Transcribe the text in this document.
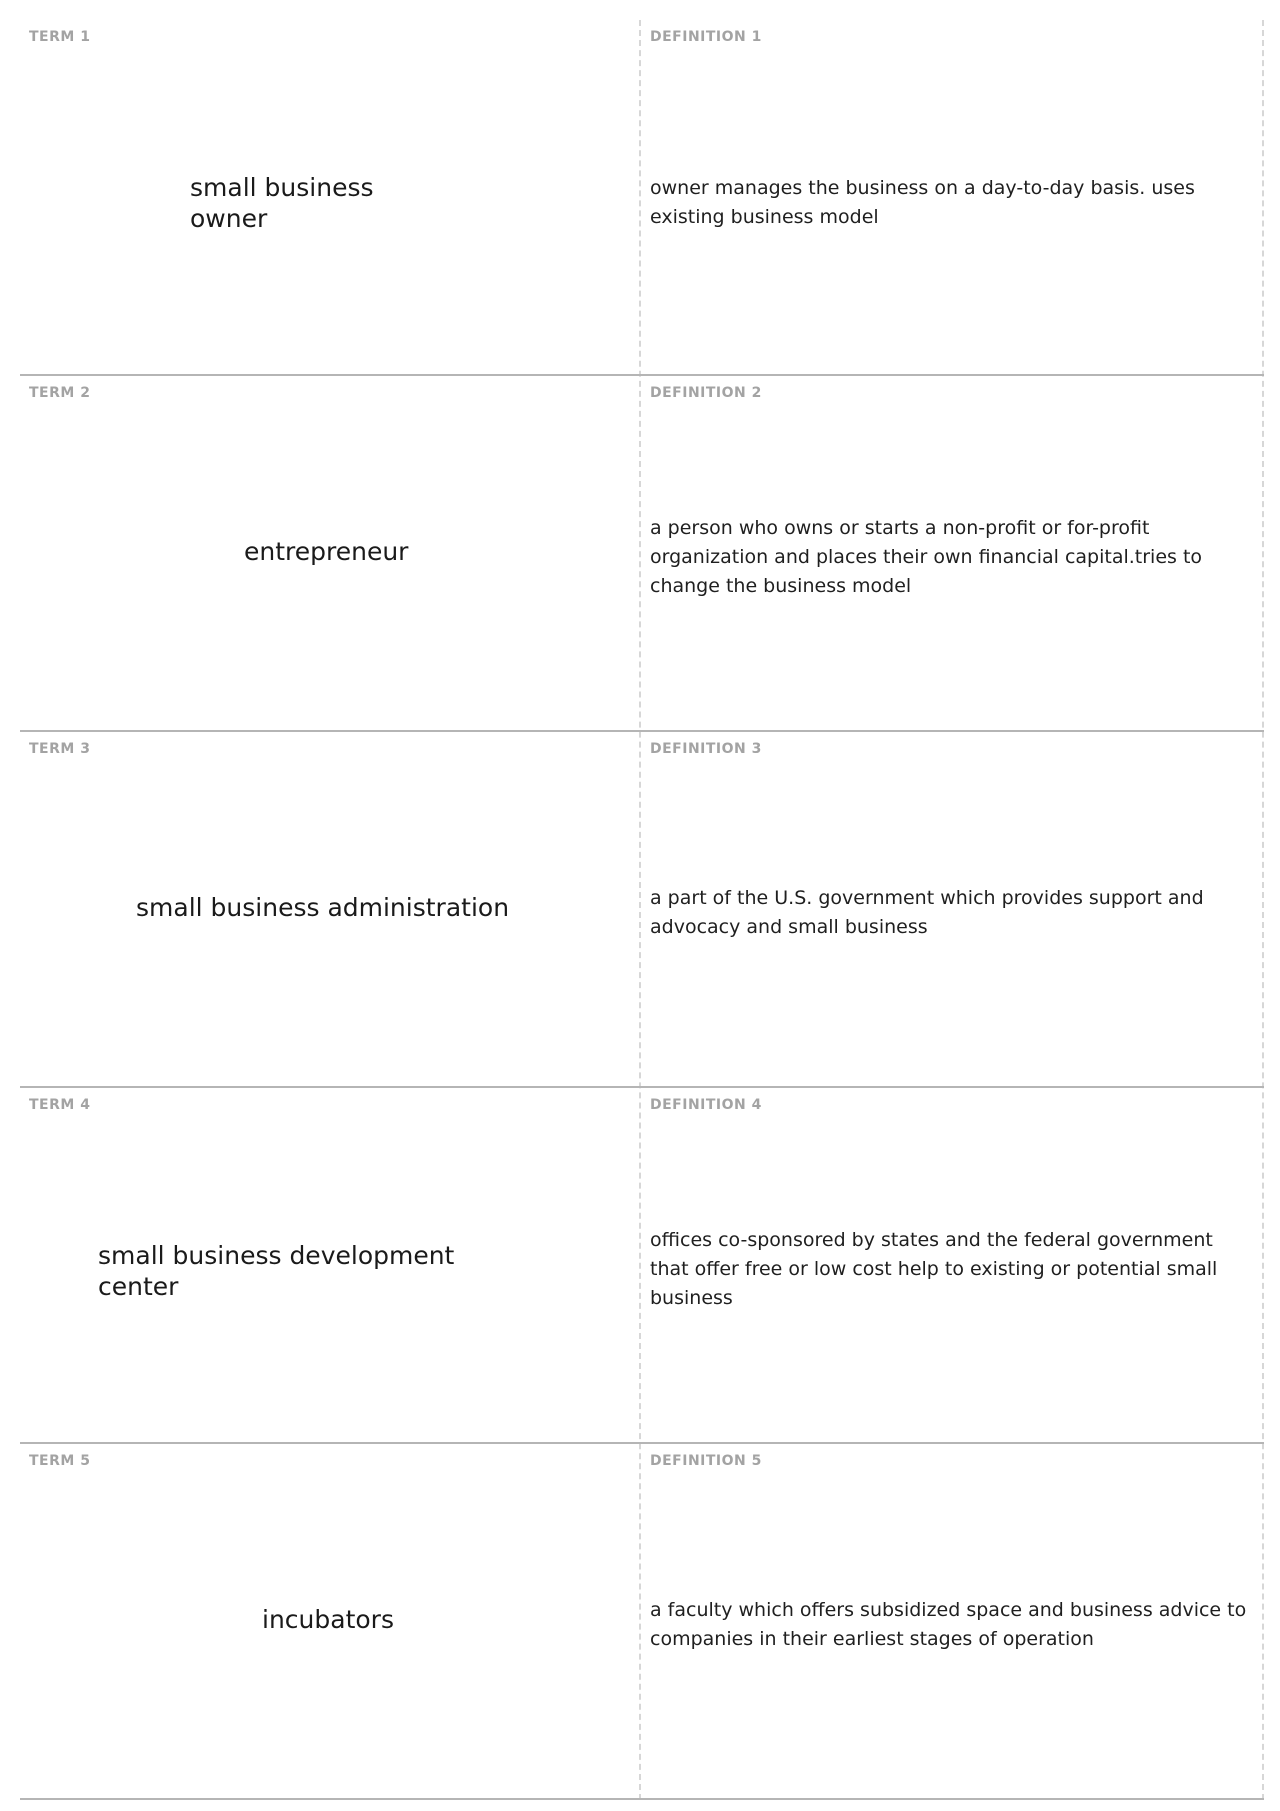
TERM 1
small business owner
DEFINITION 1
owner manages the business on a day-to-day basis. uses existing business model
TERM 2
entrepreneur
DEFINITION 2
a person who owns or starts a non-profit or for-profit organization and places their own financial capital.tries to change the business model
TERM 3
small business administration
DEFINITION 3
a part of the U.S. government which provides support and advocacy and small business
TERM 4
small business development center
DEFINITION 4
offices co-sponsored by states and the federal government that offer free or low cost help to existing or potential small business
TERM 5
incubators
DEFINITION 5
a faculty which offers subsidized space and business advice to companies in their earliest stages of operation
